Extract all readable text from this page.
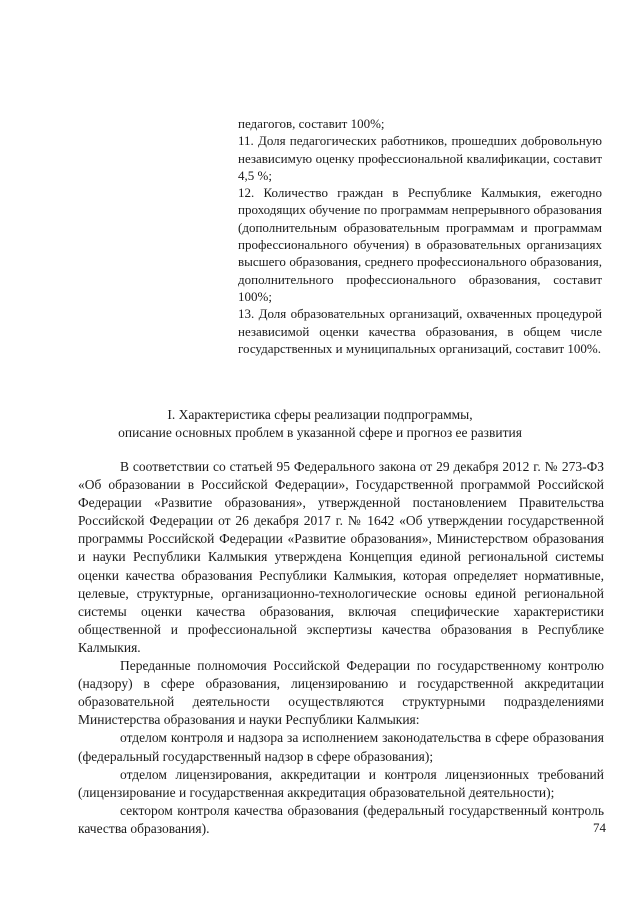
педагогов, составит 100%;

11. Доля педагогических работников, прошедших добровольную независимую оценку профессиональной квалификации, составит 4,5 %;

12. Количество граждан в Республике Калмыкия, ежегодно проходящих обучение по программам непрерывного образования (дополнительным образовательным программам и программам профессионального обучения) в образовательных организациях высшего образования, среднего профессионального образования, дополнительного профессионального образования, составит 100%;

13. Доля образовательных организаций, охваченных процедурой независимой оценки качества образования, в общем числе государственных и муниципальных организаций, составит 100%.

I. Характеристика сферы реализации подпрограммы,
описание основных проблем в указанной сфере и прогноз ее развития

В соответствии со статьей 95 Федерального закона от 29 декабря 2012 г. № 273-ФЗ «Об образовании в Российской Федерации», Государственной программой Российской Федерации «Развитие образования», утвержденной постановлением Правительства Российской Федерации от 26 декабря 2017 г. № 1642 «Об утверждении государственной программы Российской Федерации «Развитие образования», Министерством образования и науки Республики Калмыкия утверждена Концепция единой региональной системы оценки качества образования Республики Калмыкия, которая определяет нормативные, целевые, структурные, организационно-технологические основы единой региональной системы оценки качества образования, включая специфические характеристики общественной и профессиональной экспертизы качества образования в Республике Калмыкия.

Переданные полномочия Российской Федерации по государственному контролю (надзору) в сфере образования, лицензированию и государственной аккредитации образовательной деятельности осуществляются структурными подразделениями Министерства образования и науки Республики Калмыкия:

отделом контроля и надзора за исполнением законодательства в сфере образования (федеральный государственный надзор в сфере образования);

отделом лицензирования, аккредитации и контроля лицензионных требований (лицензирование и государственная аккредитация образовательной деятельности);

сектором контроля качества образования (федеральный государственный контроль качества образования).	74
